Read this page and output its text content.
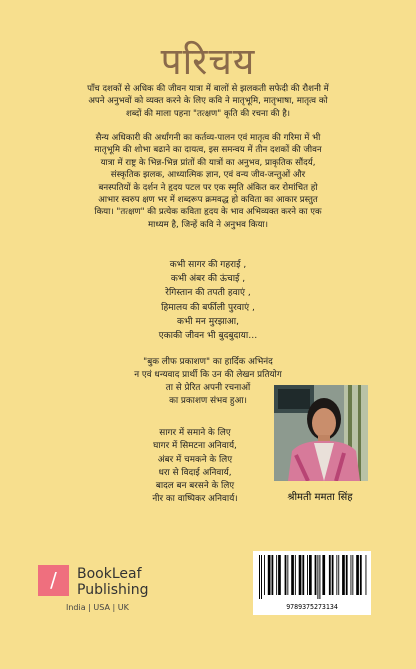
परिचय

पाँच दशकों से अधिक की जीवन यात्रा में बालों से झलकती सफेदी की रौशनी में
अपने अनुभवों को व्यक्त करने के लिए कवि ने मातृभूमि, मातृभाषा, मातृत्व को
शब्दों की माला पहना "तत्क्षण" कृति की रचना की है।

सैन्य अधिकारी की अर्धांगनी का कर्तव्य-पालन एवं मातृत्व की गरिमा में भी
मातृभूमि की शोभा बढाने का दायत्व, इस समन्वय में तीन दशकों की जीवन
यात्रा में राष्ट्र के भिन्न-भिन्न प्रांतों की यात्रों का अनुभव, प्राकृतिक सौंदर्य,
संस्कृतिक झलक, आध्यात्मिक ज्ञान, एवं वन्य जीव-जन्तुओं और
बनस्पतियों के दर्शन ने हृदय पटल पर एक स्मृति अंकित कर रोमांचित हो
आभार स्वरुप क्षण भर में शब्दरूप क्रमवद्ध हो कविता का आकार प्रस्तुत
किया। "तत्क्षण" की प्रत्येक कविता हृदय के भाव अभिव्यक्त करने का एक
माध्यम है, जिन्हें कवि ने अनुभव किया।

कभी सागर की गहराई ,
कभी अंबर की ऊंचाई ,
रेगिस्तान की तपती हवाएं ,
हिमालय की बर्फीली पुरवाएं ,
कभी मन मुरझाआ,
एकाकी जीवन भी बुदबुदाया…
"बुक लीफ प्रकाशण" का हार्दिक अभिनंद
न एवं धन्यवाद प्रार्थी कि उन की लेखन प्रतियोग
ता से प्रेरित अपनी रचनाओं
का प्रकाशण संभव हुआ।
सागर में समाने के लिए
घागर में सिमटना अनिवार्य,
अंबर में चमकने के लिए
धरा से विदाई अनिवार्य,
बादल बन बरसने के लिए
नीर का वाष्पिकर अनिवार्य।	श्रीमती ममता सिंह
/	BookLeaf
Publishing
India | USA | UK	9789375273134
